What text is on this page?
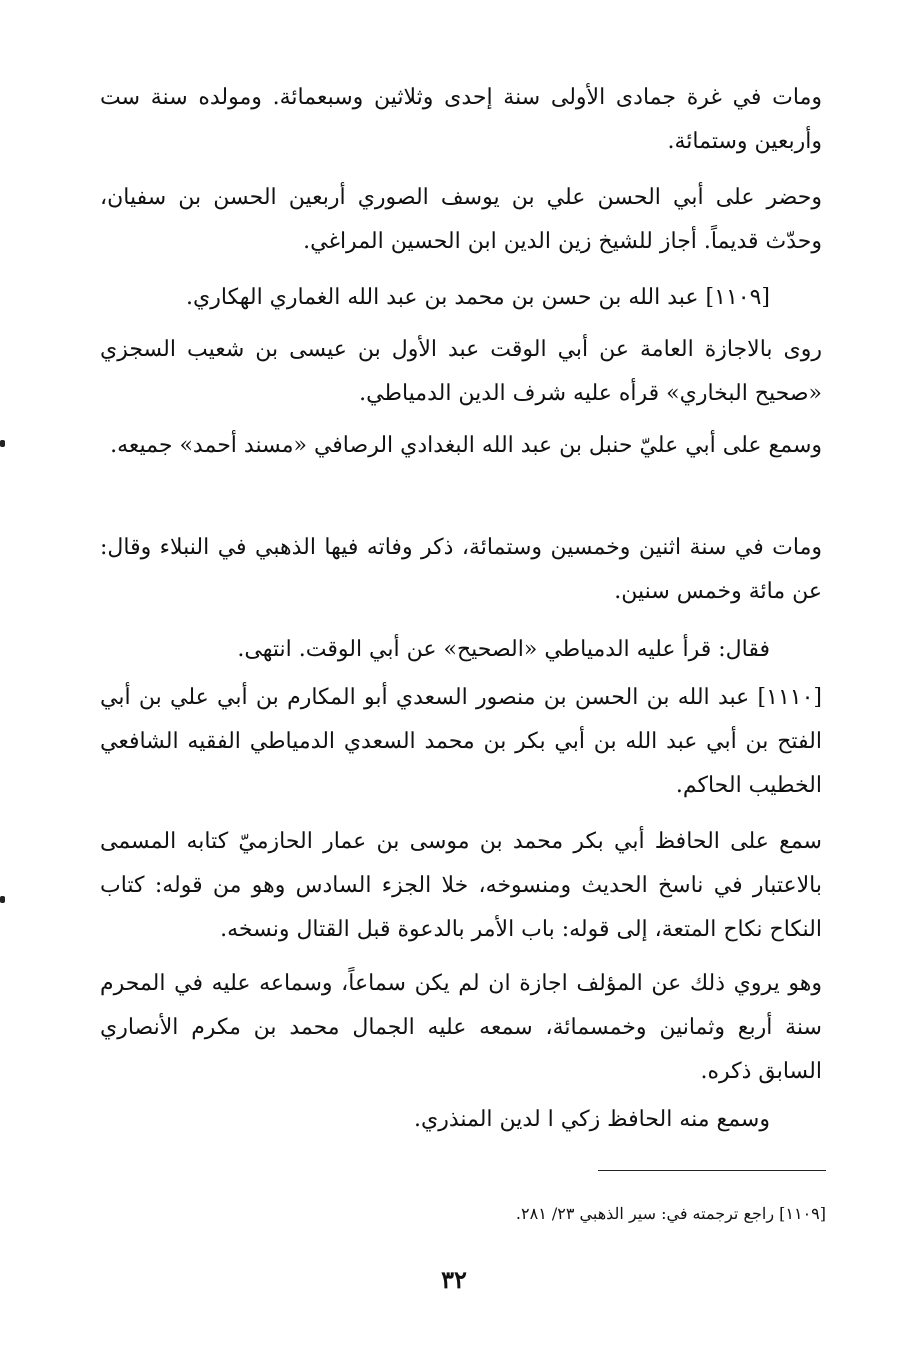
ومات في غرة جمادى الأولى سنة إحدى وثلاثين وسبعمائة. ومولده سنة ست وأربعين وستمائة.

وحضر على أبي الحسن علي بن يوسف الصوري أربعين الحسن بن سفيان، وحدّث قديماً. أجاز للشيخ زين الدين ابن الحسين المراغي.

[١١٠٩] عبد الله بن حسن بن محمد بن عبد الله الغماري الهكاري.

روى بالاجازة العامة عن أبي الوقت عبد الأول بن عيسى بن شعيب السجزي «صحيح البخاري» قرأه عليه شرف الدين الدمياطي.

وسمع على أبي عليّ حنبل بن عبد الله البغدادي الرصافي «مسند أحمد» جميعه.

ومات في سنة اثنين وخمسين وستمائة، ذكر وفاته فيها الذهبي في النبلاء وقال: عن مائة وخمس سنين.

فقال: قرأ عليه الدمياطي «الصحيح» عن أبي الوقت. انتهى.

[١١١٠] عبد الله بن الحسن بن منصور السعدي أبو المكارم بن أبي علي بن أبي الفتح بن أبي عبد الله بن أبي بكر بن محمد السعدي الدمياطي الفقيه الشافعي الخطيب الحاكم.

سمع على الحافظ أبي بكر محمد بن موسى بن عمار الحازميّ كتابه المسمى بالاعتبار في ناسخ الحديث ومنسوخه، خلا الجزء السادس وهو من قوله: كتاب النكاح نكاح المتعة، إلى قوله: باب الأمر بالدعوة قبل القتال ونسخه.

وهو يروي ذلك عن المؤلف اجازة ان لم يكن سماعاً، وسماعه عليه في المحرم سنة أربع وثمانين وخمسمائة، سمعه عليه الجمال محمد بن مكرم الأنصاري السابق ذكره.

وسمع منه الحافظ زكي ا لدين المنذري.

[١١٠٩] راجع ترجمته في: سير الذهبي ٢٣/ ٢٨١.

٣٢
